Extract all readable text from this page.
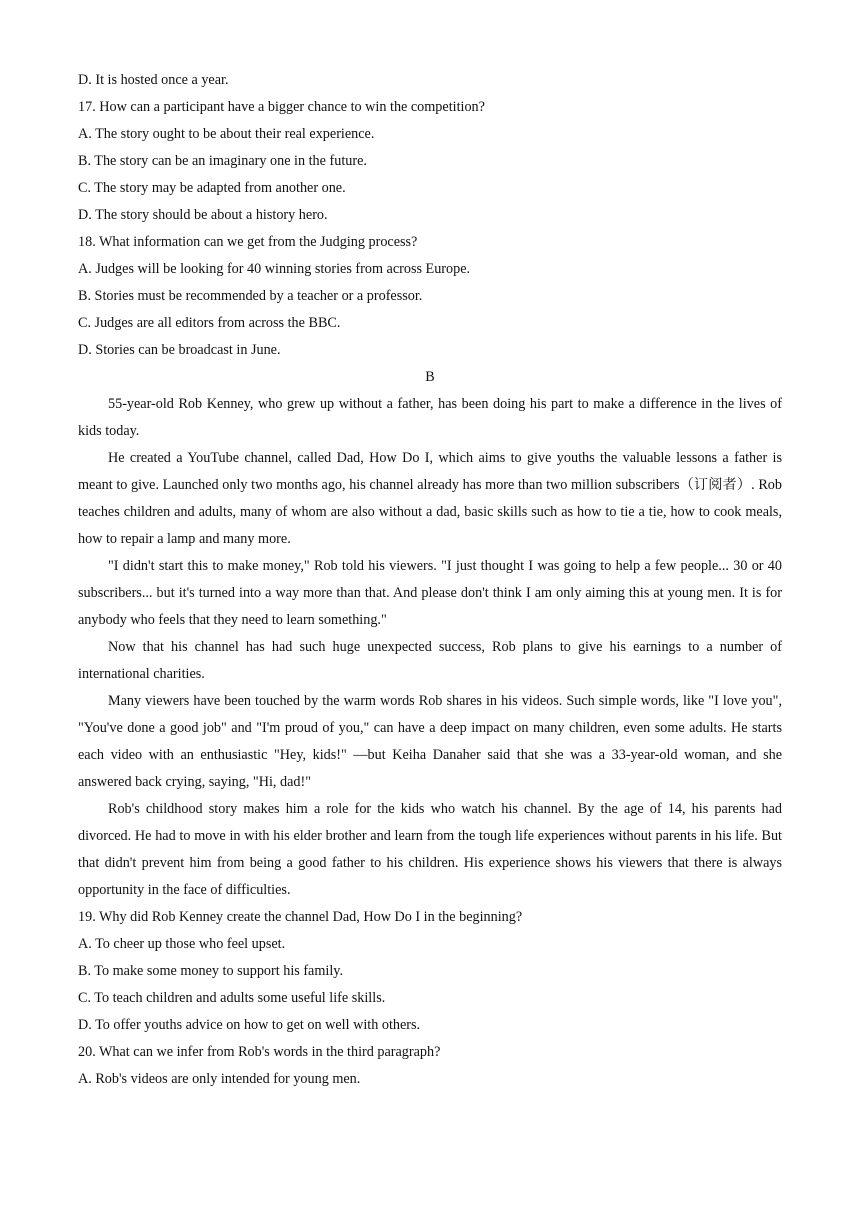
D. It is hosted once a year.

17. How can a participant have a bigger chance to win the competition?

A. The story ought to be about their real experience.

B. The story can be an imaginary one in the future.

C. The story may be adapted from another one.

D. The story should be about a history hero.

18. What information can we get from the Judging process?

A. Judges will be looking for 40 winning stories from across Europe.

B. Stories must be recommended by a teacher or a professor.

C. Judges are all editors from across the BBC.

D. Stories can be broadcast in June.

B

55-year-old Rob Kenney, who grew up without a father, has been doing his part to make a difference in the lives of kids today.

He created a YouTube channel, called Dad, How Do I, which aims to give youths the valuable lessons a father is meant to give. Launched only two months ago, his channel already has more than two million subscribers（订阅者）. Rob teaches children and adults, many of whom are also without a dad, basic skills such as how to tie a tie, how to cook meals, how to repair a lamp and many more.

"I didn't start this to make money," Rob told his viewers. "I just thought I was going to help a few people... 30 or 40 subscribers... but it's turned into a way more than that. And please don't think I am only aiming this at young men. It is for anybody who feels that they need to learn something."

Now that his channel has had such huge unexpected success, Rob plans to give his earnings to a number of international charities.

Many viewers have been touched by the warm words Rob shares in his videos. Such simple words, like "I love you", "You've done a good job" and "I'm proud of you," can have a deep impact on many children, even some adults. He starts each video with an enthusiastic "Hey, kids!" —but Keiha Danaher said that she was a 33-year-old woman, and she answered back crying, saying, "Hi, dad!"

Rob's childhood story makes him a role for the kids who watch his channel. By the age of 14, his parents had divorced. He had to move in with his elder brother and learn from the tough life experiences without parents in his life. But that didn't prevent him from being a good father to his children. His experience shows his viewers that there is always opportunity in the face of difficulties.

19. Why did Rob Kenney create the channel Dad, How Do I in the beginning?

A. To cheer up those who feel upset.

B. To make some money to support his family.

C. To teach children and adults some useful life skills.

D. To offer youths advice on how to get on well with others.

20. What can we infer from Rob's words in the third paragraph?

A. Rob's videos are only intended for young men.
